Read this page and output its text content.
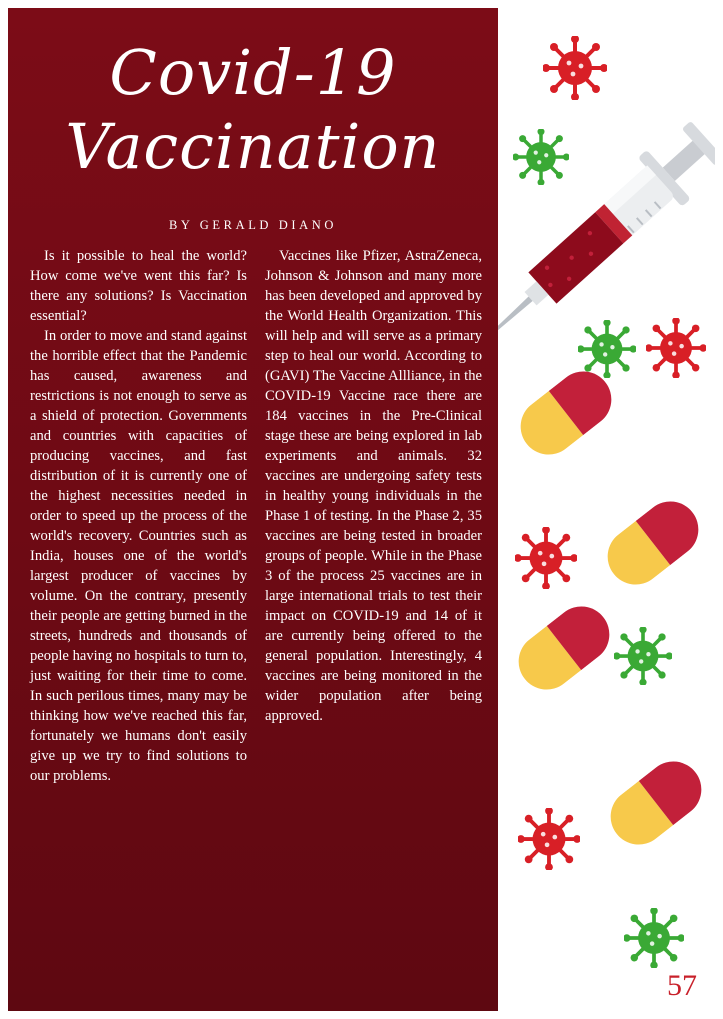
Covid-19
Vaccination
BY GERALD DIANO

Is it possible to heal the world? How come we've went this far? Is there any solutions? Is Vaccination essential?

In order to move and stand against the horrible effect that the Pandemic has caused, awareness and restrictions is not enough to serve as a shield of protection. Governments and countries with capacities of producing vaccines, and fast distribution of it is currently one of the highest necessities needed in order to speed up the process of the world's recovery. Countries such as India, houses one of the world's largest producer of vaccines by volume. On the contrary, presently their people are getting burned in the streets, hundreds and thousands of people having no hospitals to turn to, just waiting for their time to come. In such perilous times, many may be thinking how we've reached this far, fortunately we humans don't easily give up we try to find solutions to our problems.

Vaccines like Pfizer, AstraZeneca, Johnson & Johnson and many more has been developed and approved by the World Health Organization. This will help and will serve as a primary step to heal our world. According to (GAVI) The Vaccine Allliance, in the COVID-19 Vaccine race there are 184 vaccines in the Pre-Clinical stage these are being explored in lab experiments and animals. 32 vaccines are undergoing safety tests in healthy young individuals in the Phase 1 of testing. In the Phase 2, 35 vaccines are being tested in broader groups of people. While in the Phase 3 of the process 25 vaccines are in large international trials to test their impact on COVID-19 and 14 of it are currently being offered to the general population. Interestingly, 4 vaccines are being monitored in the wider population after being approved.

57
